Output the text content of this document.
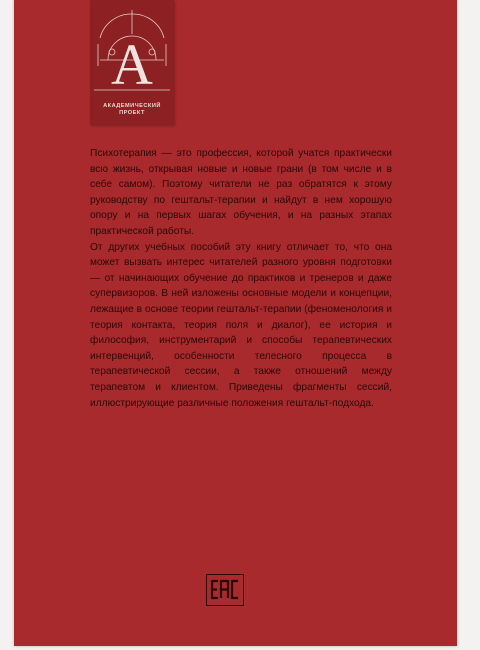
A
АКАДЕМИЧЕСКИЙ
ПРОЕКТ

Психотерапия — это профессия, которой учатся практически всю жизнь, открывая новые и новые грани (в том числе и в себе самом). Поэтому читатели не раз обратятся к этому руководству по гештальт-терапии и найдут в нем хорошую опору и на первых шагах обучения, и на разных этапах практической работы.

От других учебных пособий эту книгу отличает то, что она может вызвать интерес читателей разного уровня подготовки — от начинающих обучение до практиков и тренеров и даже супервизоров. В ней изложены основные модели и концепции, лежащие в основе теории гештальт-терапии (феноменология и теория контакта, теория поля и диалог), ее история и философия, инструментарий и способы терапевтических интервенций, особенности телесного процесса в терапевтической сессии, а также отношений между терапевтом и клиентом. Приведены фрагменты сессий, иллюстрирующие различные положения гештальт-подхода.

EAC
